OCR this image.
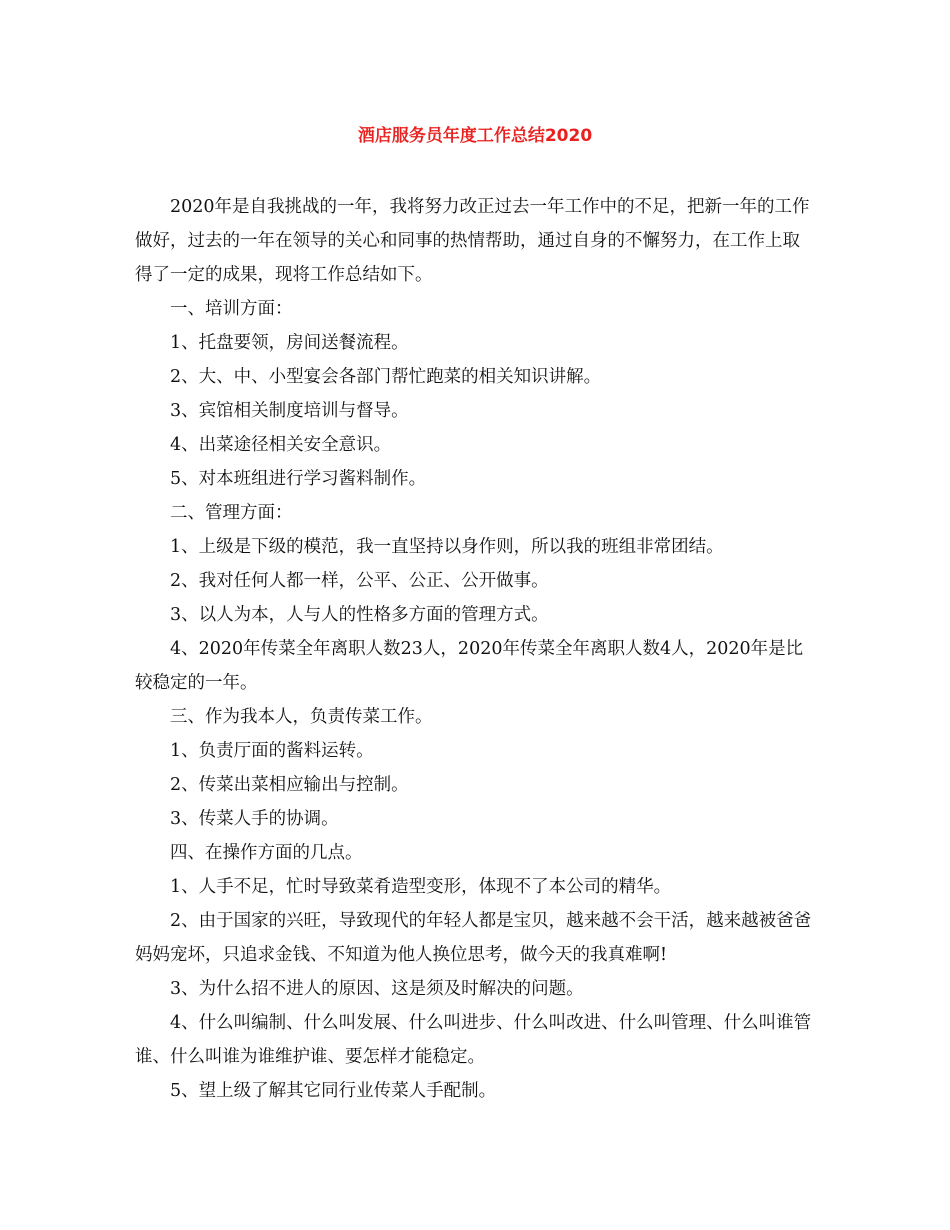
酒店服务员年度工作总结2020

2020年是自我挑战的一年，我将努力改正过去一年工作中的不足，把新一年的工作做好，过去的一年在领导的关心和同事的热情帮助，通过自身的不懈努力，在工作上取得了一定的成果，现将工作总结如下。

一、培训方面：

1、托盘要领，房间送餐流程。

2、大、中、小型宴会各部门帮忙跑菜的相关知识讲解。

3、宾馆相关制度培训与督导。

4、出菜途径相关安全意识。

5、对本班组进行学习酱料制作。

二、管理方面：

1、上级是下级的模范，我一直坚持以身作则，所以我的班组非常团结。

2、我对任何人都一样，公平、公正、公开做事。

3、以人为本，人与人的性格多方面的管理方式。

4、2020年传菜全年离职人数23人，2020年传菜全年离职人数4人，2020年是比较稳定的一年。

三、作为我本人，负责传菜工作。

1、负责厅面的酱料运转。

2、传菜出菜相应输出与控制。

3、传菜人手的协调。

四、在操作方面的几点。

1、人手不足，忙时导致菜肴造型变形，体现不了本公司的精华。

2、由于国家的兴旺，导致现代的年轻人都是宝贝，越来越不会干活，越来越被爸爸妈妈宠坏，只追求金钱、不知道为他人换位思考，做今天的我真难啊!

3、为什么招不进人的原因、这是须及时解决的问题。

4、什么叫编制、什么叫发展、什么叫进步、什么叫改进、什么叫管理、什么叫谁管谁、什么叫谁为谁维护谁、要怎样才能稳定。

5、望上级了解其它同行业传菜人手配制。
